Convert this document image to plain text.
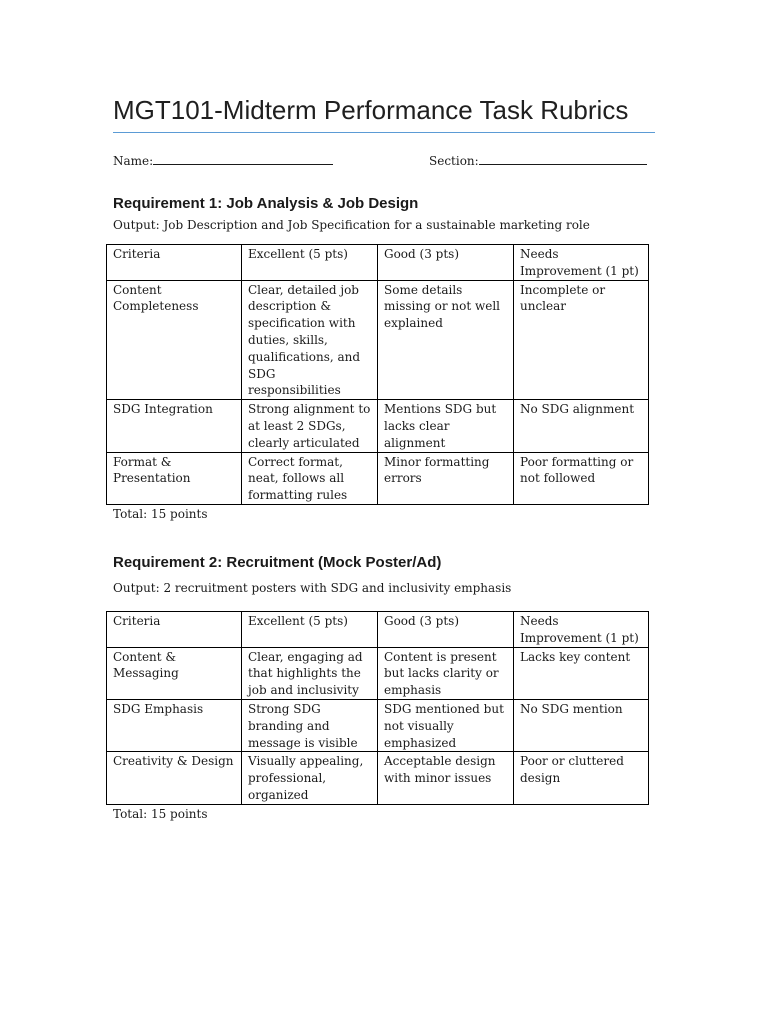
MGT101-Midterm Performance Task Rubrics
Name:	Section:
Requirement 1: Job Analysis & Job Design

Output: Job Description and Job Specification for a sustainable marketing role

Criteria	Excellent (5 pts)	Good (3 pts)	Needs Improvement (1 pt)
Content Completeness	Clear, detailed job description & specification with duties, skills, qualifications, and SDG responsibilities	Some details missing or not well explained	Incomplete or unclear
SDG Integration	Strong alignment to at least 2 SDGs, clearly articulated	Mentions SDG but lacks clear alignment	No SDG alignment
Format & Presentation	Correct format, neat, follows all formatting rules	Minor formatting errors	Poor formatting or not followed

Total: 15 points

Requirement 2: Recruitment (Mock Poster/Ad)

Output: 2 recruitment posters with SDG and inclusivity emphasis

Criteria	Excellent (5 pts)	Good (3 pts)	Needs Improvement (1 pt)
Content & Messaging	Clear, engaging ad that highlights the job and inclusivity	Content is present but lacks clarity or emphasis	Lacks key content
SDG Emphasis	Strong SDG branding and message is visible	SDG mentioned but not visually emphasized	No SDG mention
Creativity & Design	Visually appealing, professional, organized	Acceptable design with minor issues	Poor or cluttered design

Total: 15 points
